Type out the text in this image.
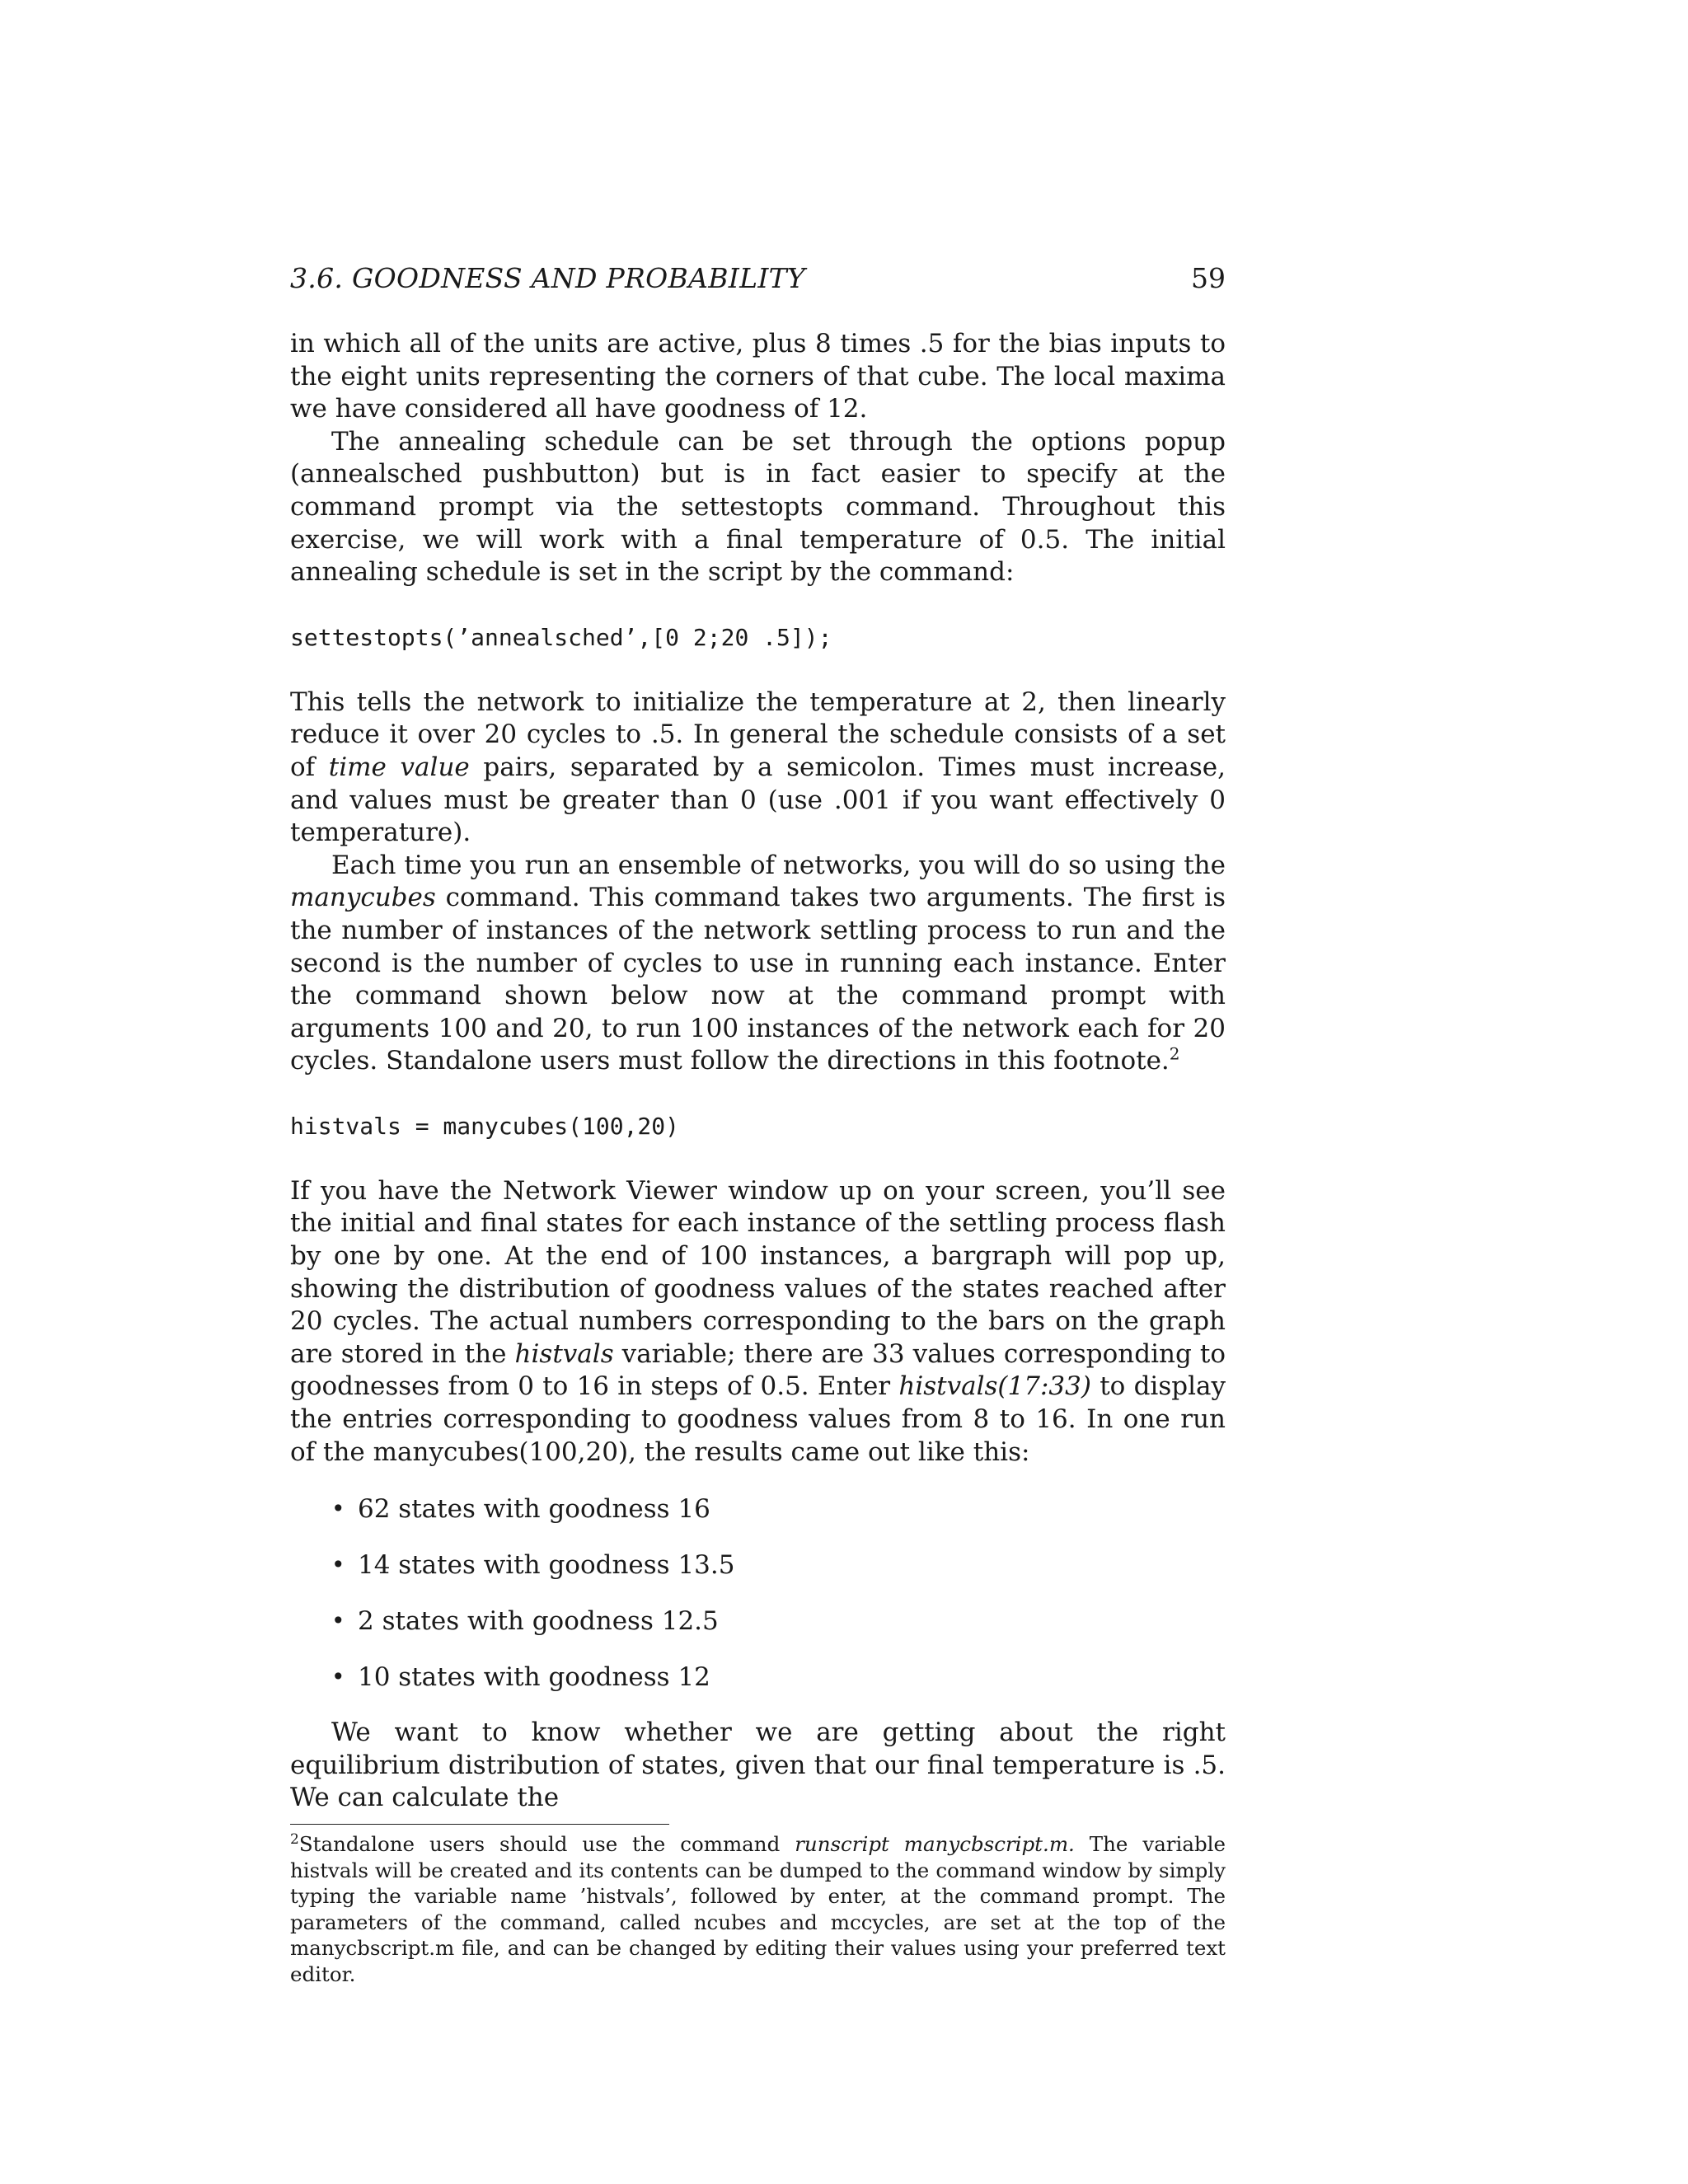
3.6. GOODNESS AND PROBABILITY	59

in which all of the units are active, plus 8 times .5 for the bias inputs to the eight units representing the corners of that cube. The local maxima we have considered all have goodness of 12.

The annealing schedule can be set through the options popup (annealsched pushbutton) but is in fact easier to specify at the command prompt via the settestopts command. Throughout this exercise, we will work with a final temperature of 0.5. The initial annealing schedule is set in the script by the command:

settestopts(’annealsched’,[0 2;20 .5]);

This tells the network to initialize the temperature at 2, then linearly reduce it over 20 cycles to .5. In general the schedule consists of a set of time value pairs, separated by a semicolon. Times must increase, and values must be greater than 0 (use .001 if you want effectively 0 temperature).

Each time you run an ensemble of networks, you will do so using the manycubes command. This command takes two arguments. The first is the number of instances of the network settling process to run and the second is the number of cycles to use in running each instance. Enter the command shown below now at the command prompt with arguments 100 and 20, to run 100 instances of the network each for 20 cycles. Standalone users must follow the directions in this footnote.$^2$

histvals = manycubes(100,20)

If you have the Network Viewer window up on your screen, you’ll see the initial and final states for each instance of the settling process flash by one by one. At the end of 100 instances, a bargraph will pop up, showing the distribution of goodness values of the states reached after 20 cycles. The actual numbers corresponding to the bars on the graph are stored in the histvals variable; there are 33 values corresponding to goodnesses from 0 to 16 in steps of 0.5. Enter histvals(17:33) to display the entries corresponding to goodness values from 8 to 16. In one run of the manycubes(100,20), the results came out like this:

• 62 states with goodness 16
• 14 states with goodness 13.5
• 2 states with goodness 12.5
• 10 states with goodness 12

We want to know whether we are getting about the right equilibrium distribution of states, given that our final temperature is .5. We can calculate the

$^2$Standalone users should use the command runscript manycbscript.m. The variable histvals will be created and its contents can be dumped to the command window by simply typing the variable name ’histvals’, followed by enter, at the command prompt. The parameters of the command, called ncubes and mccycles, are set at the top of the manycbscript.m file, and can be changed by editing their values using your preferred text editor.
